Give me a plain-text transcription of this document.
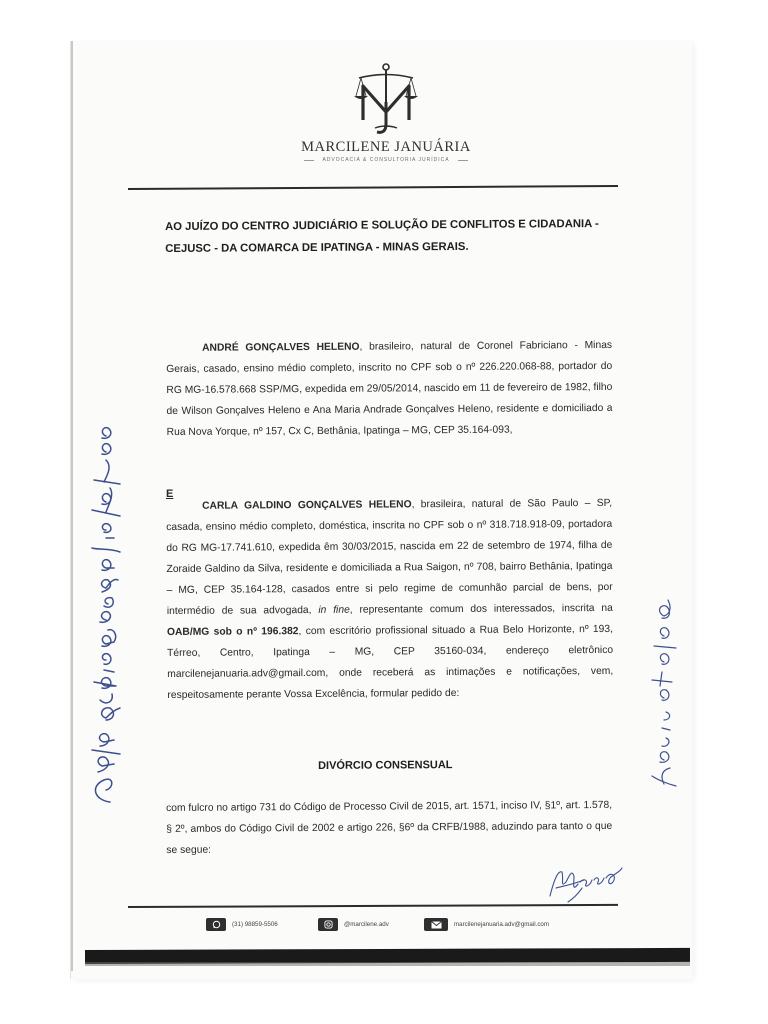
MARCILENE JANUÁRIA
ADVOCACIA & CONSULTORIA JURÍDICA
AO JUÍZO DO CENTRO JUDICIÁRIO E SOLUÇÃO DE CONFLITOS E CIDADANIA - CEJUSC - DA COMARCA DE IPATINGA - MINAS GERAIS.
ANDRÉ GONÇALVES HELENO, brasileiro, natural de Coronel Fabriciano - Minas Gerais, casado, ensino médio completo, inscrito no CPF sob o nº 226.220.068-88, portador do RG MG-16.578.668 SSP/MG, expedida em 29/05/2014, nascido em 11 de fevereiro de 1982, filho de Wilson Gonçalves Heleno e Ana Maria Andrade Gonçalves Heleno, residente e domiciliado a Rua Nova Yorque, nº 157, Cx C, Bethânia, Ipatinga – MG, CEP 35.164-093,
E
CARLA GALDINO GONÇALVES HELENO, brasileira, natural de São Paulo – SP, casada, ensino médio completo, doméstica, inscrita no CPF sob o nº 318.718.918-09, portadora do RG MG-17.741.610, expedida êm 30/03/2015, nascida em 22 de setembro de 1974, filha de Zoraide Galdino da Silva, residente e domiciliada a Rua Saigon, nº 708, bairro Bethânia, Ipatinga – MG, CEP 35.164-128, casados entre si pelo regime de comunhão parcial de bens, por intermédio de sua advogada, in fine, representante comum dos interessados, inscrita na OAB/MG sob o nº 196.382, com escritório profissional situado a Rua Belo Horizonte, nº 193, Térreo, Centro, Ipatinga – MG, CEP 35160-034, endereço eletrônico marcilenejanuaria.adv@gmail.com, onde receberá as intimações e notificações, vem, respeitosamente perante Vossa Excelência, formular pedido de:
DIVÓRCIO CONSENSUAL
com fulcro no artigo 731 do Código de Processo Civil de 2015, art. 1571, inciso IV, §1º, art. 1.578, § 2º, ambos do Código Civil de 2002 e artigo 226, §6º da CRFB/1988, aduzindo para tanto o que se segue:
(31) 98859-5506	@marcilene.adv	marcilenejanuaria.adv@gmail.com
